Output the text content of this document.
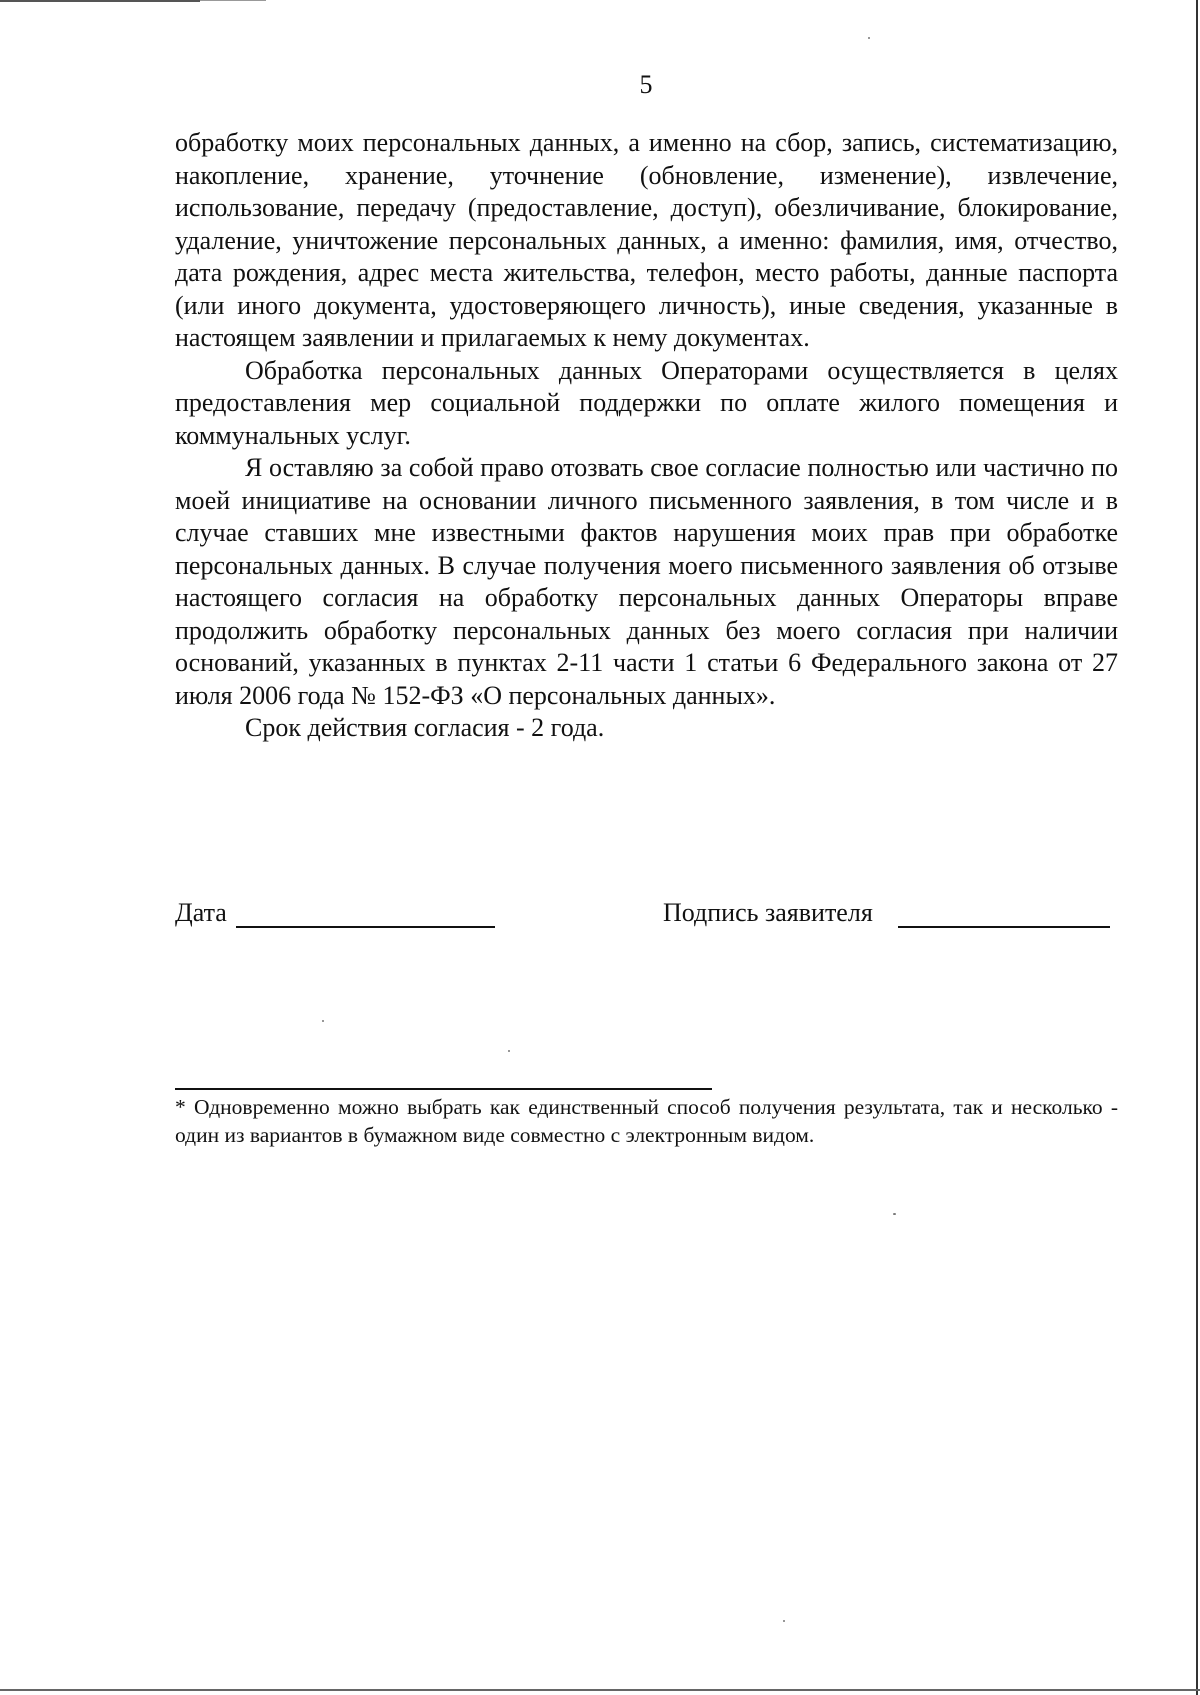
5

обработку моих персональных данных, а именно на сбор, запись, систематизацию, накопление, хранение, уточнение (обновление, изменение), извлечение, использование, передачу (предоставление, доступ), обезличивание, блокирование, удаление, уничтожение персональных данных, а именно: фамилия, имя, отчество, дата рождения, адрес места жительства, телефон, место работы, данные паспорта (или иного документа, удостоверяющего личность), иные сведения, указанные в настоящем заявлении и прилагаемых к нему документах.

Обработка персональных данных Операторами осуществляется в целях предоставления мер социальной поддержки по оплате жилого помещения и коммунальных услуг.

Я оставляю за собой право отозвать свое согласие полностью или частично по моей инициативе на основании личного письменного заявления, в том числе и в случае ставших мне известными фактов нарушения моих прав при обработке персональных данных. В случае получения моего письменного заявления об отзыве настоящего согласия на обработку персональных данных Операторы вправе продолжить обработку персональных данных без моего согласия при наличии оснований, указанных в пунктах 2-11 части 1 статьи 6 Федерального закона от 27 июля 2006 года № 152-ФЗ «О персональных данных».

Срок действия согласия - 2 года.

Дата	Подпись заявителя

* Одновременно можно выбрать как единственный способ получения результата, так и несколько - один из вариантов в бумажном виде совместно с электронным видом.
